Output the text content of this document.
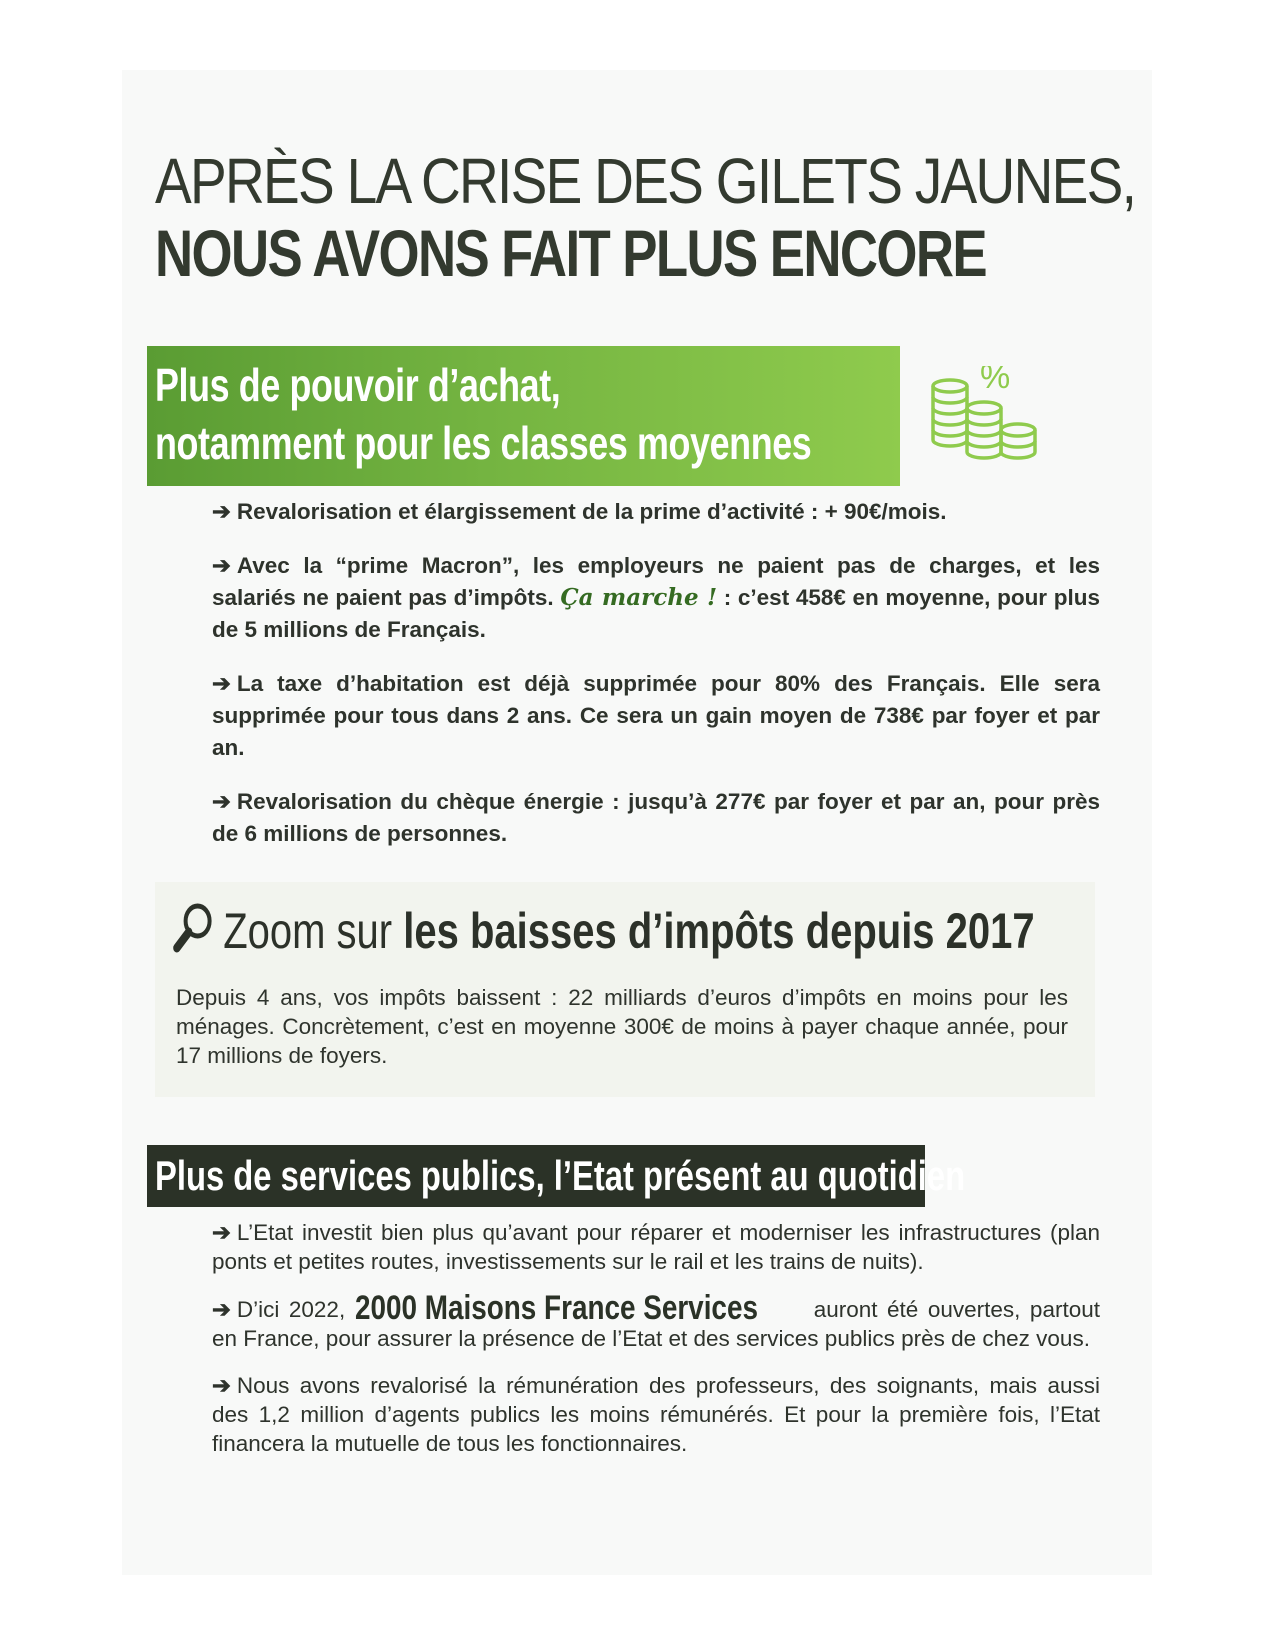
APRÈS LA CRISE DES GILETS JAUNES,
NOUS AVONS FAIT PLUS ENCORE
Plus de pouvoir d’achat,
notamment pour les classes moyennes
%

➔ Revalorisation et élargissement de la prime d’activité : + 90€/mois.

➔ Avec la “prime Macron”, les employeurs ne paient pas de charges, et les salariés ne paient pas d’impôts. Ça marche ! : c’est 458€ en moyenne, pour plus de 5 millions de Français.

➔ La taxe d’habitation est déjà supprimée pour 80% des Français. Elle sera supprimée pour tous dans 2 ans. Ce sera un gain moyen de 738€ par foyer et par an.

➔ Revalorisation du chèque énergie : jusqu’à 277€ par foyer et par an, pour près de 6 millions de personnes.

Zoom sur les baisses d’impôts depuis 2017
Depuis 4 ans, vos impôts baissent : 22 milliards d’euros d’impôts en moins pour les ménages. Concrètement, c’est en moyenne 300€ de moins à payer chaque année, pour 17 millions de foyers.
Plus de services publics, l’Etat présent au quotidien

➔ L’Etat investit bien plus qu’avant pour réparer et moderniser les infrastructures (plan ponts et petites routes, investissements sur le rail et les trains de nuits).

➔ D’ici 2022, 2000 Maisons France Services auront été ouvertes, partout en France, pour assurer la présence de l’Etat et des services publics près de chez vous.

➔ Nous avons revalorisé la rémunération des professeurs, des soignants, mais aussi des 1,2 million d’agents publics les moins rémunérés. Et pour la première fois, l’Etat financera la mutuelle de tous les fonctionnaires.
